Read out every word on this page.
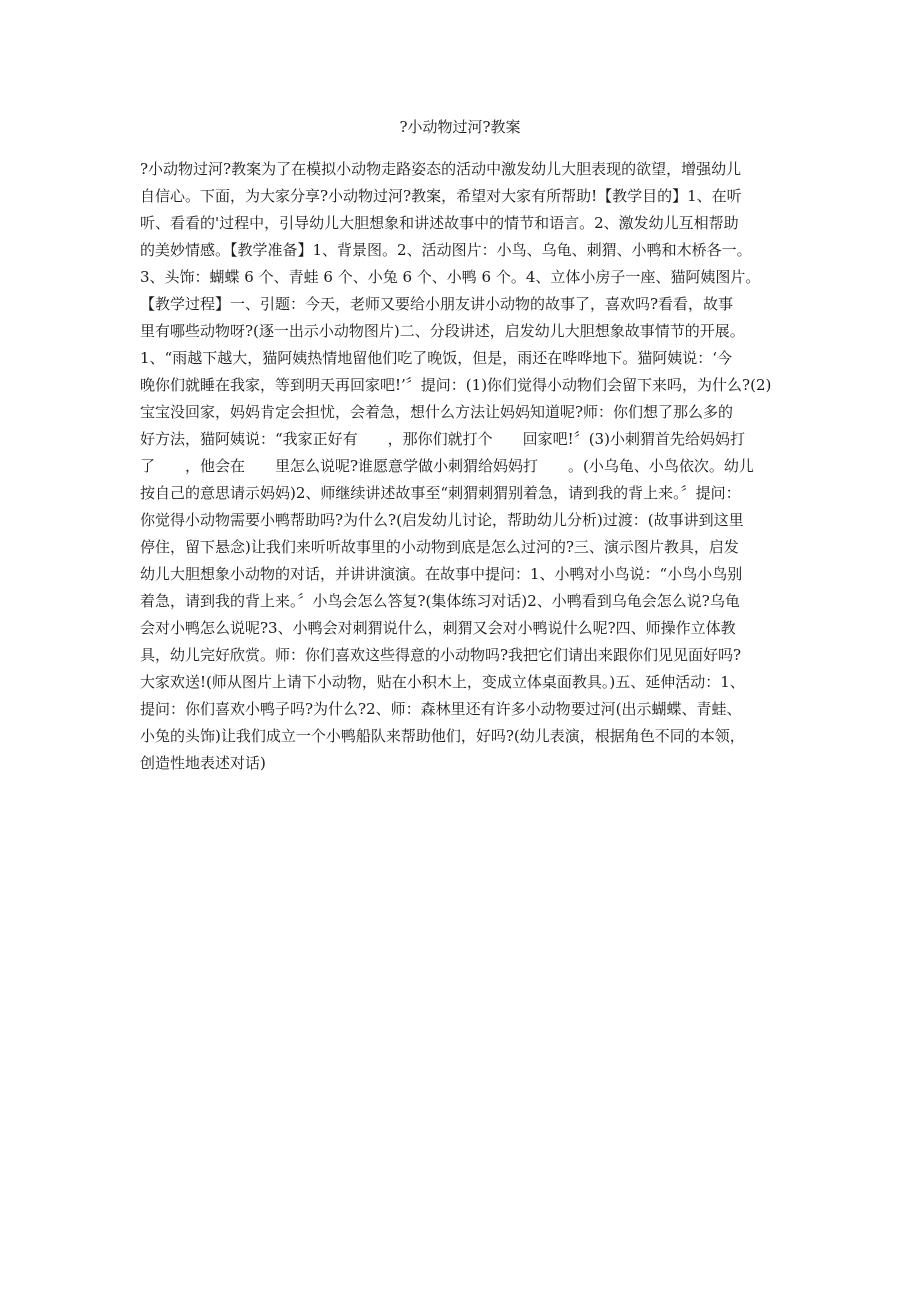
?小动物过河?教案
?小动物过河?教案为了在模拟小动物走路姿态的活动中激发幼儿大胆表现的欲望，增强幼儿
自信心。下面，为大家分享?小动物过河?教案，希望对大家有所帮助!【教学目的】1、在听
听、看看的'过程中，引导幼儿大胆想象和讲述故事中的情节和语言。2、激发幼儿互相帮助
的美妙情感。【教学准备】1、背景图。2、活动图片：小鸟、乌龟、刺猬、小鸭和木桥各一。
3、头饰：蝴蝶 6 个、青蛙 6 个、小兔 6 个、小鸭 6 个。4、立体小房子一座、猫阿姨图片。
【教学过程】一、引题：今天，老师又要给小朋友讲小动物的故事了，喜欢吗?看看，故事
里有哪些动物呀?(逐一出示小动物图片)二、分段讲述，启发幼儿大胆想象故事情节的开展。
1、“雨越下越大，猫阿姨热情地留他们吃了晚饭，但是，雨还在哗哗地下。猫阿姨说：‘今
晚你们就睡在我家，等到明天再回家吧!’〞提问：(1)你们觉得小动物们会留下来吗，为什么?(2)
宝宝没回家，妈妈肯定会担忧，会着急，想什么方法让妈妈知道呢?师：你们想了那么多的
好方法，猫阿姨说：“我家正好有　　，那你们就打个　　回家吧!〞(3)小刺猬首先给妈妈打
了　　，他会在　　里怎么说呢?谁愿意学做小刺猬给妈妈打　　。(小乌龟、小鸟依次。幼儿
按自己的意思请示妈妈)2、师继续讲述故事至“刺猬刺猬别着急，请到我的背上来。〞提问：
你觉得小动物需要小鸭帮助吗?为什么?(启发幼儿讨论，帮助幼儿分析)过渡：(故事讲到这里
停住，留下悬念)让我们来听听故事里的小动物到底是怎么过河的?三、演示图片教具，启发
幼儿大胆想象小动物的对话，并讲讲演演。在故事中提问：1、小鸭对小鸟说：“小鸟小鸟别
着急，请到我的背上来。〞小鸟会怎么答复?(集体练习对话)2、小鸭看到乌龟会怎么说?乌龟
会对小鸭怎么说呢?3、小鸭会对刺猬说什么，刺猬又会对小鸭说什么呢?四、师操作立体教
具，幼儿完好欣赏。师：你们喜欢这些得意的小动物吗?我把它们请出来跟你们见见面好吗?
大家欢送!(师从图片上请下小动物，贴在小积木上，变成立体桌面教具。)五、延伸活动：1、
提问：你们喜欢小鸭子吗?为什么?2、师：森林里还有许多小动物要过河(出示蝴蝶、青蛙、
小兔的头饰)让我们成立一个小鸭船队来帮助他们，好吗?(幼儿表演，根据角色不同的本领，
创造性地表述对话)
